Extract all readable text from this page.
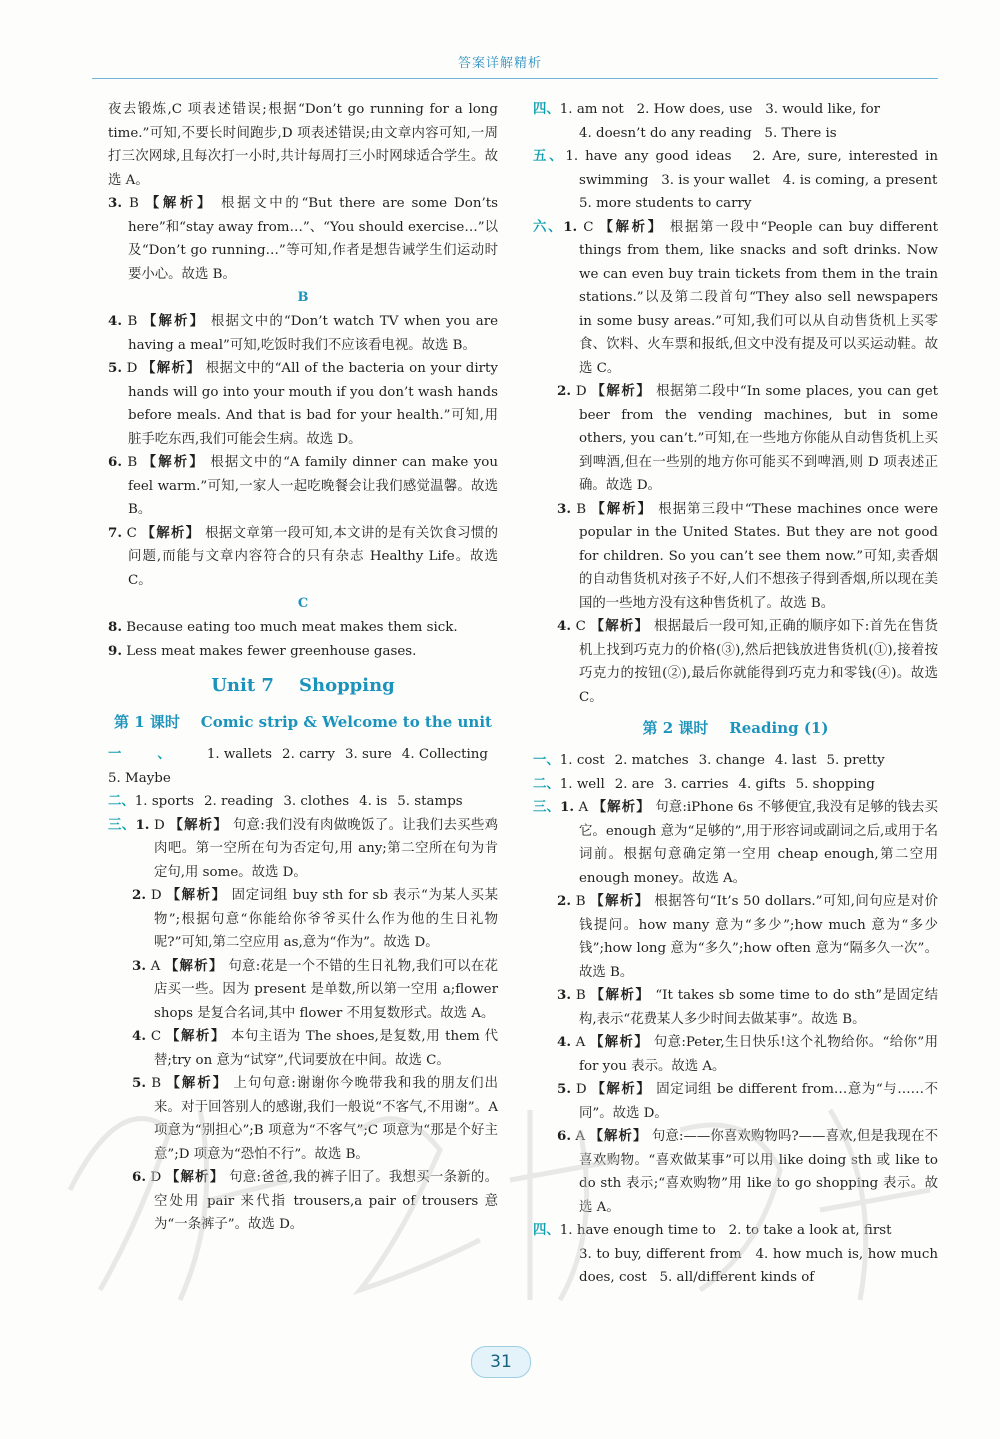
答案详解精析

夜去锻炼,C 项表述错误;根据“Don’t go running for a long time.”可知,不要长时间跑步,D 项表述错误;由文章内容可知,一周打三次网球,且每次打一小时,共计每周打三小时网球适合学生。故选 A。

3. B 【解析】 根据文中的“But there are some Don’ts here”和“stay away from…”、“You should exercise…”以及“Don’t go running…”等可知,作者是想告诫学生们运动时要小心。故选 B。

B

4. B 【解析】 根据文中的“Don’t watch TV when you are having a meal”可知,吃饭时我们不应该看电视。故选 B。

5. D 【解析】 根据文中的“All of the bacteria on your dirty hands will go into your mouth if you don’t wash hands before meals. And that is bad for your health.”可知,用脏手吃东西,我们可能会生病。故选 D。

6. B 【解析】 根据文中的“A family dinner can make you feel warm.”可知,一家人一起吃晚餐会让我们感觉温馨。故选 B。

7. C 【解析】 根据文章第一段可知,本文讲的是有关饮食习惯的问题,而能与文章内容符合的只有杂志 Healthy Life。故选 C。

C

8. Because eating too much meat makes them sick.

9. Less meat makes fewer greenhouse gases.

Unit 7    Shopping
第 1 课时    Comic strip & Welcome to the unit

一、1. wallets 2. carry 3. sure 4. Collecting5. Maybe

二、1. sports 2. reading 3. clothes 4. is 5. stamps

三、1. D 【解析】 句意:我们没有肉做晚饭了。让我们去买些鸡肉吧。第一空所在句为否定句,用 any;第二空所在句为肯定句,用 some。故选 D。

2. D 【解析】 固定词组 buy sth for sb 表示“为某人买某物”;根据句意“你能给你爷爷买什么作为他的生日礼物呢?”可知,第二空应用 as,意为“作为”。故选 D。

3. A 【解析】 句意:花是一个不错的生日礼物,我们可以在花店买一些。因为 present 是单数,所以第一空用 a;flower shops 是复合名词,其中 flower 不用复数形式。故选 A。

4. C 【解析】 本句主语为 The shoes,是复数,用 them 代替;try on 意为“试穿”,代词要放在中间。故选 C。

5. B 【解析】 上句句意:谢谢你今晚带我和我的朋友们出来。对于回答别人的感谢,我们一般说“不客气,不用谢”。A 项意为“别担心”;B 项意为“不客气”;C 项意为“那是个好主意”;D 项意为“恐怕不行”。故选 B。

6. D 【解析】 句意:爸爸,我的裤子旧了。我想买一条新的。空处用 pair 来代指 trousers,a pair of trousers 意为“一条裤子”。故选 D。

四、1. am not   2. How does, use   3. would like, for

4. doesn’t do any reading   5. There is

五、1. have any good ideas   2. Are, sure, interested in swimming   3. is your wallet   4. is coming, a present

5. more students to carry

六、1. C 【解析】 根据第一段中“People can buy different things from them, like snacks and soft drinks. Now we can even buy train tickets from them in the train stations.”以及第二段首句“They also sell newspapers in some busy areas.”可知,我们可以从自动售货机上买零食、饮料、火车票和报纸,但文中没有提及可以买运动鞋。故选 C。

2. D 【解析】 根据第二段中“In some places, you can get beer from the vending machines, but in some others, you can’t.”可知,在一些地方你能从自动售货机上买到啤酒,但在一些别的地方你可能买不到啤酒,则 D 项表述正确。故选 D。

3. B 【解析】 根据第三段中“These machines once were popular in the United States. But they are not good for children. So you can’t see them now.”可知,卖香烟的自动售货机对孩子不好,人们不想孩子得到香烟,所以现在美国的一些地方没有这种售货机了。故选 B。

4. C 【解析】 根据最后一段可知,正确的顺序如下:首先在售货机上找到巧克力的价格(③),然后把钱放进售货机(①),接着按巧克力的按钮(②),最后你就能得到巧克力和零钱(④)。故选 C。

第 2 课时    Reading (1)

一、1. cost 2. matches 3. change 4. last 5. pretty

二、1. well 2. are 3. carries 4. gifts 5. shopping

三、1. A 【解析】 句意:iPhone 6s 不够便宜,我没有足够的钱去买它。enough 意为“足够的”,用于形容词或副词之后,或用于名词前。根据句意确定第一空用 cheap enough,第二空用 enough money。故选 A。

2. B 【解析】 根据答句“It’s 50 dollars.”可知,问句应是对价钱提问。how many 意为“多少”;how much 意为“多少钱”;how long 意为“多久”;how often 意为“隔多久一次”。故选 B。

3. B 【解析】 “It takes sb some time to do sth”是固定结构,表示“花费某人多少时间去做某事”。故选 B。

4. A 【解析】 句意:Peter,生日快乐!这个礼物给你。“给你”用 for you 表示。故选 A。

5. D 【解析】 固定词组 be different from…意为“与……不同”。故选 D。

6. A 【解析】 句意:——你喜欢购物吗?——喜欢,但是我现在不喜欢购物。“喜欢做某事”可以用 like doing sth 或 like to do sth 表示;“喜欢购物”用 like to go shopping 表示。故选 A。

四、1. have enough time to   2. to take a look at, first

3. to buy, different from   4. how much is, how much does, cost   5. all/different kinds of

31
